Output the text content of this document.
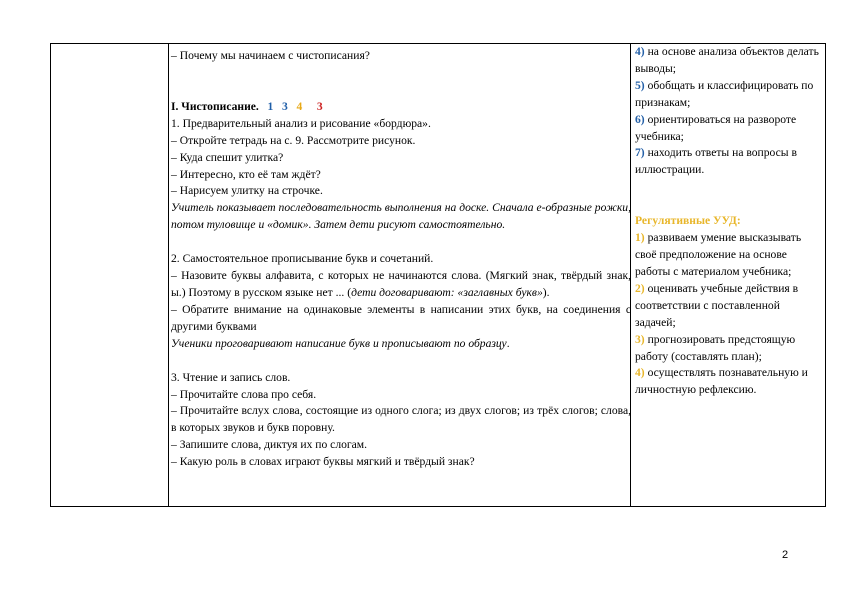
– Почему мы начинаем с чистописания?

I. Чистописание. 1 3 4 3

1. Предварительный анализ и рисование «бордюра».

– Откройте тетрадь на с. 9. Рассмотрите рисунок.

– Куда спешит улитка?

– Интересно, кто её там ждёт?

– Нарисуем улитку на строчке.

Учитель показывает последовательность выполнения на доске. Сначала е-образные рожки, потом туловище и «домик». Затем дети рисуют самостоятельно.

2. Самостоятельное прописывание букв и сочетаний.

– Назовите буквы алфавита, с которых не начинаются слова. (Мягкий знак, твёрдый знак, ы.) Поэтому в русском языке нет ... (дети договаривают: «заглавных букв»).

– Обратите внимание на одинаковые элементы в написании этих букв, на соединения с другими буквами

Ученики проговаривают написание букв и прописывают по образцу.

3. Чтение и запись слов.

– Прочитайте слова про себя.

– Прочитайте вслух слова, состоящие из одного слога; из двух слогов; из трёх слогов; слова, в которых звуков и букв поровну.

– Запишите слова, диктуя их по слогам.

– Какую роль в словах играют буквы мягкий и твёрдый знак?

4) на основе анализа объектов делать выводы;

5) обобщать и классифицировать по признакам;

6) ориентироваться на развороте учебника;

7) находить ответы на вопросы в иллюстрации.

Регулятивные УУД:

1) развиваем умение высказывать своё предположение на основе работы с материалом учебника;

2) оценивать учебные действия в соответствии с поставленной задачей;

3) прогнозировать предстоящую работу (составлять план);

4) осуществлять познавательную и личностную рефлексию.

2
